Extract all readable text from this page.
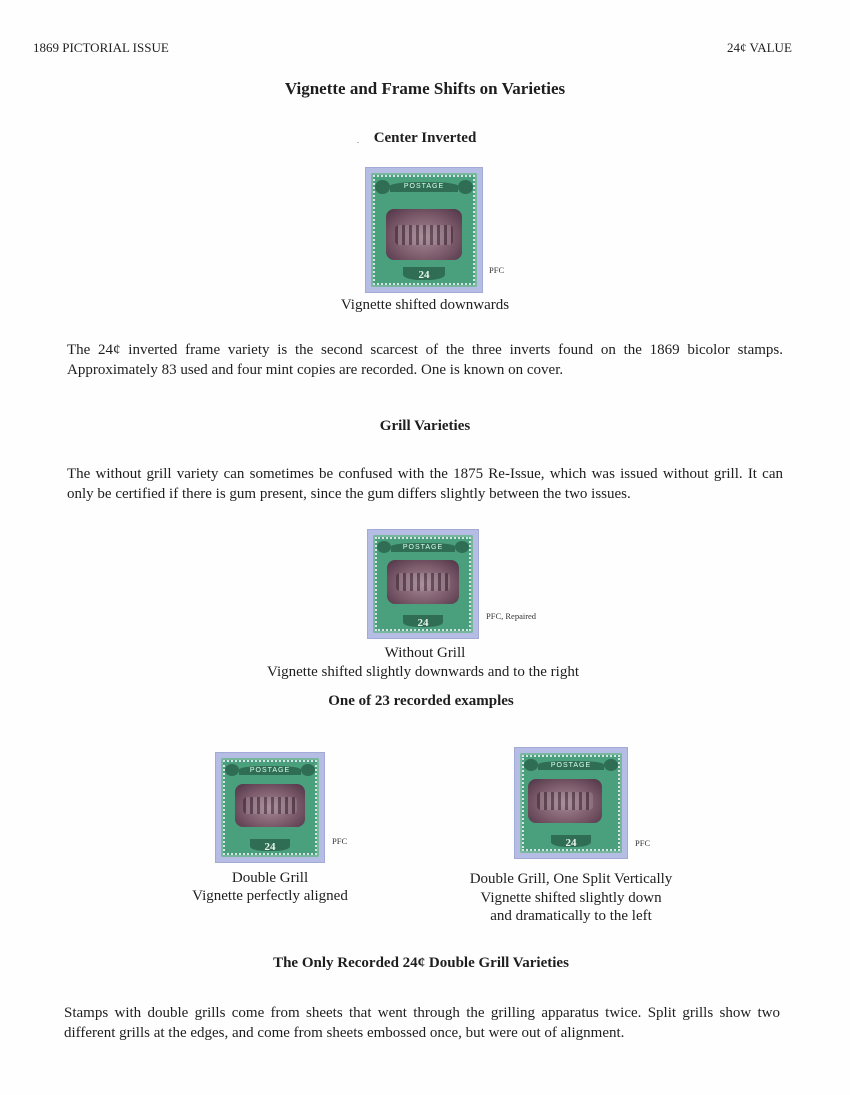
1869 PICTORIAL ISSUE	24¢ VALUE
Vignette and Frame Shifts on Varieties
. Center Inverted
POSTAGE
24	PFC
Vignette shifted downwards
The 24¢ inverted frame variety is the second scarcest of the three inverts found on the 1869 bicolor stamps. Approximately 83 used and four mint copies are recorded. One is known on cover.
Grill Varieties
The without grill variety can sometimes be confused with the 1875 Re-Issue, which was issued without grill. It can only be certified if there is gum present, since the gum differs slightly between the two issues.
POSTAGE
24
PFC, Repaired
Without Grill
Vignette shifted slightly downwards and to the right
One of 23 recorded examples
POSTAGE
24
PFC
Double Grill
Vignette perfectly aligned
POSTAGE
24	PFC
Double Grill, One Split Vertically
Vignette shifted slightly down
and dramatically to the left
The Only Recorded 24¢ Double Grill Varieties
Stamps with double grills come from sheets that went through the grilling apparatus twice. Split grills show two different grills at the edges, and come from sheets embossed once, but were out of alignment.
